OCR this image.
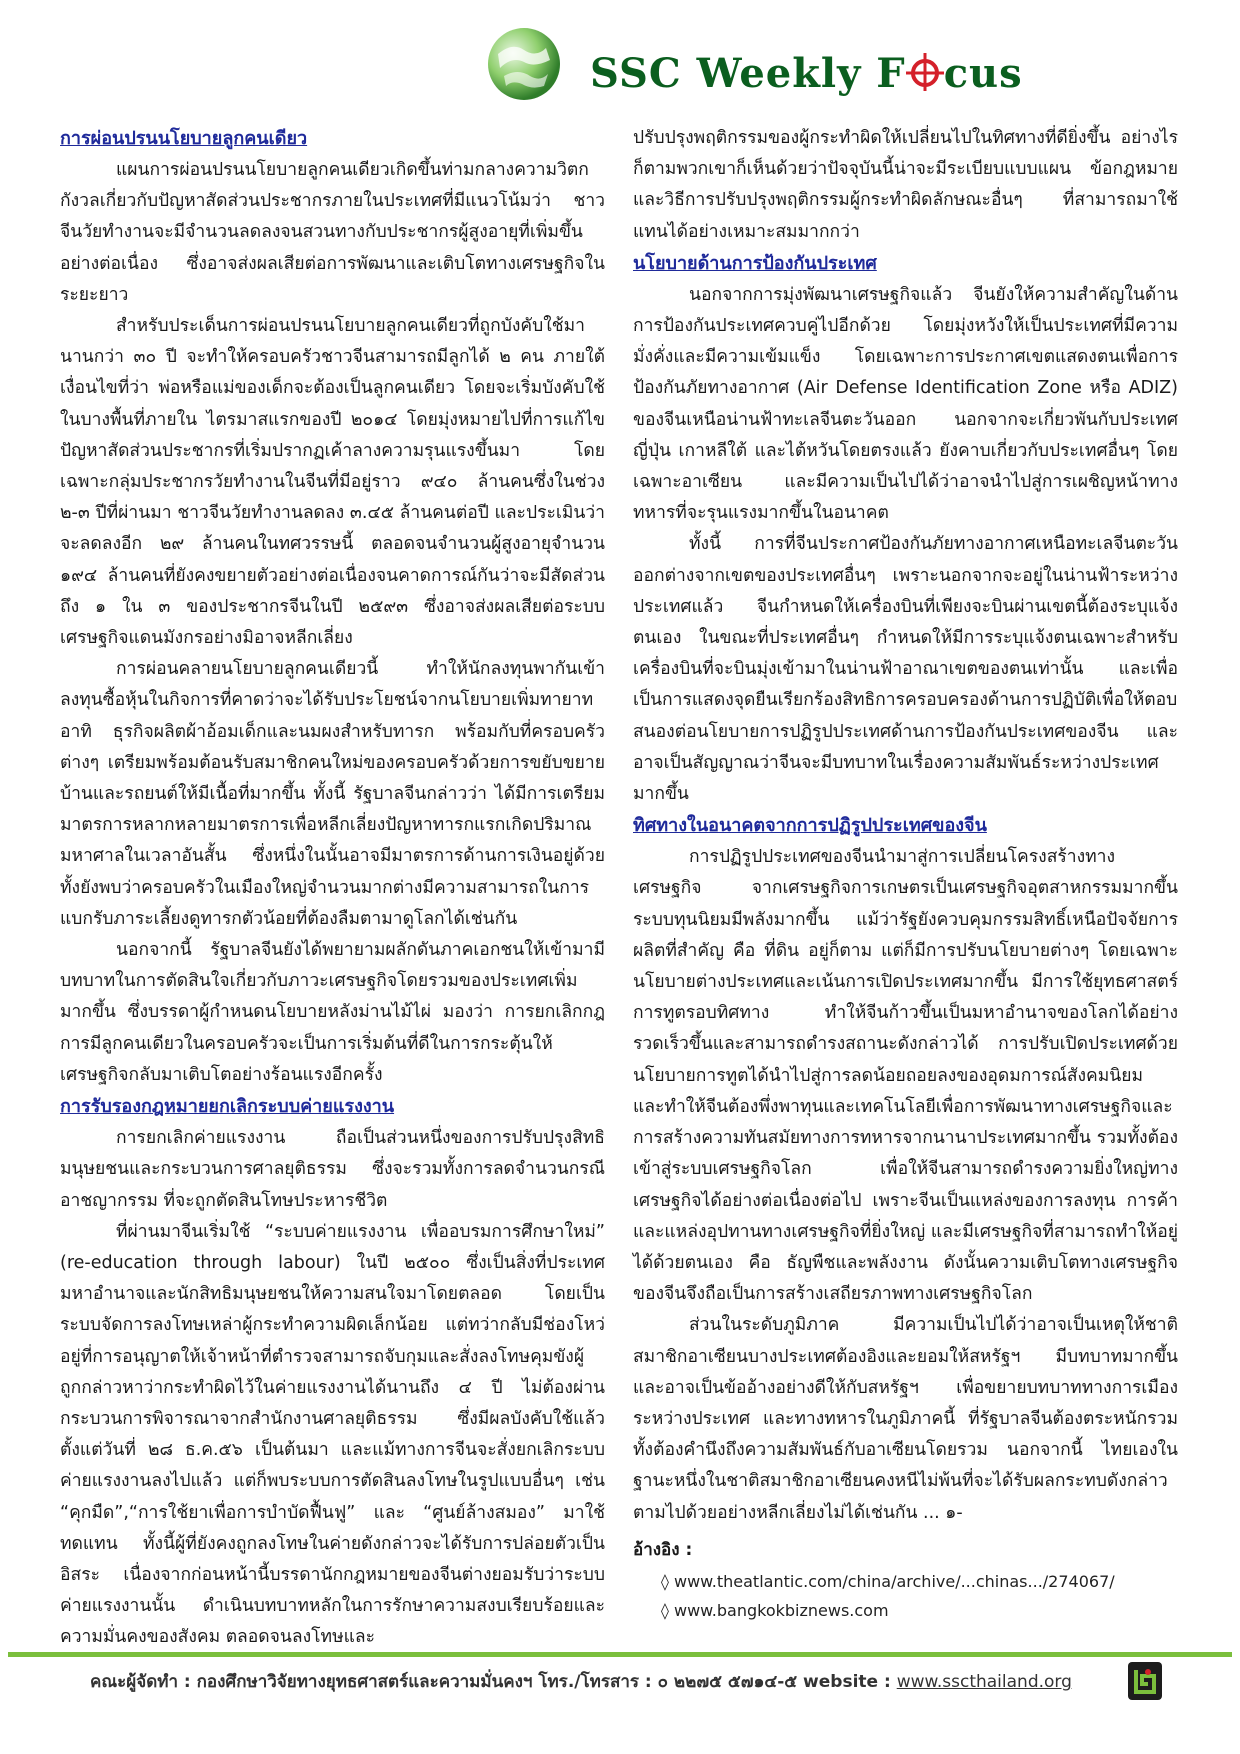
SSC Weekly F cus
การผ่อนปรนนโยบายลูกคนเดียว

แผนการผ่อนปรนนโยบายลูกคนเดียวเกิดขึ้นท่ามกลางความวิตกกังวลเกี่ยวกับปัญหาสัดส่วนประชากรภายในประเทศที่มีแนวโน้มว่า ชาวจีนวัยทำงานจะมีจำนวนลดลงจนสวนทางกับประชากรผู้สูงอายุที่เพิ่มขึ้นอย่างต่อเนื่อง ซึ่งอาจส่งผลเสียต่อการพัฒนาและเติบโตทางเศรษฐกิจในระยะยาว

สำหรับประเด็นการผ่อนปรนนโยบายลูกคนเดียวที่ถูกบังคับใช้มานานกว่า ๓๐ ปี จะทำให้ครอบครัวชาวจีนสามารถมีลูกได้ ๒ คน ภายใต้เงื่อนไขที่ว่า พ่อหรือแม่ของเด็กจะต้องเป็นลูกคนเดียว โดยจะเริ่มบังคับใช้ในบางพื้นที่ภายใน ไตรมาสแรกของปี ๒๐๑๔ โดยมุ่งหมายไปที่การแก้ไขปัญหาสัดส่วนประชากรที่เริ่มปรากฏเค้าลางความรุนแรงขึ้นมา โดยเฉพาะกลุ่มประชากรวัยทำงานในจีนที่มีอยู่ราว ๙๔๐ ล้านคนซึ่งในช่วง ๒-๓ ปีที่ผ่านมา ชาวจีนวัยทำงานลดลง ๓.๔๕ ล้านคนต่อปี และประเมินว่าจะลดลงอีก ๒๙ ล้านคนในทศวรรษนี้ ตลอดจนจำนวนผู้สูงอายุจำนวน ๑๙๔ ล้านคนที่ยังคงขยายตัวอย่างต่อเนื่องจนคาดการณ์กันว่าจะมีสัดส่วนถึง ๑ ใน ๓ ของประชากรจีนในปี ๒๕๙๓ ซึ่งอาจส่งผลเสียต่อระบบเศรษฐกิจแดนมังกรอย่างมิอาจหลีกเลี่ยง

การผ่อนคลายนโยบายลูกคนเดียวนี้ ทำให้นักลงทุนพากันเข้าลงทุนซื้อหุ้นในกิจการที่คาดว่าจะได้รับประโยชน์จากนโยบายเพิ่มทายาท อาทิ ธุรกิจผลิตผ้าอ้อมเด็กและนมผงสำหรับทารก พร้อมกับที่ครอบครัวต่างๆ เตรียมพร้อมต้อนรับสมาชิกคนใหม่ของครอบครัวด้วยการขยับขยายบ้านและรถยนต์ให้มีเนื้อที่มากขึ้น ทั้งนี้ รัฐบาลจีนกล่าวว่า ได้มีการเตรียมมาตรการหลากหลายมาตรการเพื่อหลีกเลี่ยงปัญหาทารกแรกเกิดปริมาณมหาศาลในเวลาอันสั้น ซึ่งหนึ่งในนั้นอาจมีมาตรการด้านการเงินอยู่ด้วย ทั้งยังพบว่าครอบครัวในเมืองใหญ่จำนวนมากต่างมีความสามารถในการแบกรับภาระเลี้ยงดูทารกตัวน้อยที่ต้องลืมตามาดูโลกได้เช่นกัน

นอกจากนี้ รัฐบาลจีนยังได้พยายามผลักดันภาคเอกชนให้เข้ามามีบทบาทในการตัดสินใจเกี่ยวกับภาวะเศรษฐกิจโดยรวมของประเทศเพิ่มมากขึ้น ซึ่งบรรดาผู้กำหนดนโยบายหลังม่านไม้ไผ่ มองว่า การยกเลิกกฎการมีลูกคนเดียวในครอบครัวจะเป็นการเริ่มต้นที่ดีในการกระตุ้นให้เศรษฐกิจกลับมาเติบโตอย่างร้อนแรงอีกครั้ง

การรับรองกฎหมายยกเลิกระบบค่ายแรงงาน

การยกเลิกค่ายแรงงาน ถือเป็นส่วนหนึ่งของการปรับปรุงสิทธิมนุษยชนและกระบวนการศาลยุติธรรม ซึ่งจะรวมทั้งการลดจำนวนกรณีอาชญากรรม ที่จะถูกตัดสินโทษประหารชีวิต

ที่ผ่านมาจีนเริ่มใช้ “ระบบค่ายแรงงาน เพื่ออบรมการศึกษาใหม่” (re-education through labour) ในปี ๒๕๐๐ ซึ่งเป็นสิ่งที่ประเทศมหาอำนาจและนักสิทธิมนุษยชนให้ความสนใจมาโดยตลอด โดยเป็นระบบจัดการลงโทษเหล่าผู้กระทำความผิดเล็กน้อย แต่ทว่ากลับมีช่องโหว่อยู่ที่การอนุญาตให้เจ้าหน้าที่ตำรวจสามารถจับกุมและสั่งลงโทษคุมขังผู้ถูกกล่าวหาว่ากระทำผิดไว้ในค่ายแรงงานได้นานถึง ๔ ปี ไม่ต้องผ่านกระบวนการพิจารณาจากสำนักงานศาลยุติธรรม ซึ่งมีผลบังคับใช้แล้วตั้งแต่วันที่ ๒๘ ธ.ค.๕๖ เป็นต้นมา และแม้ทางการจีนจะสั่งยกเลิกระบบค่ายแรงงานลงไปแล้ว แต่ก็พบระบบการตัดสินลงโทษในรูปแบบอื่นๆ เช่น “คุกมืด”,“การใช้ยาเพื่อการบำบัดฟื้นฟู” และ “ศูนย์ล้างสมอง” มาใช้ทดแทน ทั้งนี้ผู้ที่ยังคงถูกลงโทษในค่ายดังกล่าวจะได้รับการปล่อยตัวเป็นอิสระ เนื่องจากก่อนหน้านี้บรรดานักกฎหมายของจีนต่างยอมรับว่าระบบค่ายแรงงานนั้น ดำเนินบทบาทหลักในการรักษาความสงบเรียบร้อยและความมั่นคงของสังคม ตลอดจนลงโทษและ

ปรับปรุงพฤติกรรมของผู้กระทำผิดให้เปลี่ยนไปในทิศทางที่ดียิ่งขึ้น อย่างไรก็ตามพวกเขาก็เห็นด้วยว่าปัจจุบันนี้น่าจะมีระเบียบแบบแผน ข้อกฎหมาย และวิธีการปรับปรุงพฤติกรรมผู้กระทำผิดลักษณะอื่นๆ ที่สามารถมาใช้แทนได้อย่างเหมาะสมมากกว่า

นโยบายด้านการป้องกันประเทศ

นอกจากการมุ่งพัฒนาเศรษฐกิจแล้ว จีนยังให้ความสำคัญในด้านการป้องกันประเทศควบคู่ไปอีกด้วย โดยมุ่งหวังให้เป็นประเทศที่มีความมั่งคั่งและมีความเข้มแข็ง โดยเฉพาะการประกาศเขตแสดงตนเพื่อการป้องกันภัยทางอากาศ (Air Defense Identification Zone หรือ ADIZ) ของจีนเหนือน่านฟ้าทะเลจีนตะวันออก นอกจากจะเกี่ยวพันกับประเทศญี่ปุ่น เกาหลีใต้ และไต้หวันโดยตรงแล้ว ยังคาบเกี่ยวกับประเทศอื่นๆ โดยเฉพาะอาเซียน และมีความเป็นไปได้ว่าอาจนำไปสู่การเผชิญหน้าทางทหารที่จะรุนแรงมากขึ้นในอนาคต

ทั้งนี้ การที่จีนประกาศป้องกันภัยทางอากาศเหนือทะเลจีนตะวันออกต่างจากเขตของประเทศอื่นๆ เพราะนอกจากจะอยู่ในน่านฟ้าระหว่างประเทศแล้ว จีนกำหนดให้เครื่องบินที่เพียงจะบินผ่านเขตนี้ต้องระบุแจ้งตนเอง ในขณะที่ประเทศอื่นๆ กำหนดให้มีการระบุแจ้งตนเฉพาะสำหรับเครื่องบินที่จะบินมุ่งเข้ามาในน่านฟ้าอาณาเขตของตนเท่านั้น และเพื่อเป็นการแสดงจุดยืนเรียกร้องสิทธิการครอบครองด้านการปฏิบัติเพื่อให้ตอบสนองต่อนโยบายการปฏิรูปประเทศด้านการป้องกันประเทศของจีน และอาจเป็นสัญญาณว่าจีนจะมีบทบาทในเรื่องความสัมพันธ์ระหว่างประเทศมากขึ้น

ทิศทางในอนาคตจากการปฏิรูปประเทศของจีน

การปฏิรูปประเทศของจีนนำมาสู่การเปลี่ยนโครงสร้างทางเศรษฐกิจ จากเศรษฐกิจการเกษตรเป็นเศรษฐกิจอุตสาหกรรมมากขึ้น ระบบทุนนิยมมีพลังมากขึ้น แม้ว่ารัฐยังควบคุมกรรมสิทธิ์เหนือปัจจัยการผลิตที่สำคัญ คือ ที่ดิน อยู่ก็ตาม แต่ก็มีการปรับนโยบายต่างๆ โดยเฉพาะนโยบายต่างประเทศและเน้นการเปิดประเทศมากขึ้น มีการใช้ยุทธศาสตร์การทูตรอบทิศทาง ทำให้จีนก้าวขึ้นเป็นมหาอำนาจของโลกได้อย่างรวดเร็วขึ้นและสามารถดำรงสถานะดังกล่าวได้ การปรับเปิดประเทศด้วยนโยบายการทูตได้นำไปสู่การลดน้อยถอยลงของอุดมการณ์สังคมนิยม และทำให้จีนต้องพึ่งพาทุนและเทคโนโลยีเพื่อการพัฒนาทางเศรษฐกิจและการสร้างความทันสมัยทางการทหารจากนานาประเทศมากขึ้น รวมทั้งต้องเข้าสู่ระบบเศรษฐกิจโลก เพื่อให้จีนสามารถดำรงความยิ่งใหญ่ทางเศรษฐกิจได้อย่างต่อเนื่องต่อไป เพราะจีนเป็นแหล่งของการลงทุน การค้า และแหล่งอุปทานทางเศรษฐกิจที่ยิ่งใหญ่ และมีเศรษฐกิจที่สามารถทำให้อยู่ได้ด้วยตนเอง คือ ธัญพืชและพลังงาน ดังนั้นความเติบโตทางเศรษฐกิจของจีนจึงถือเป็นการสร้างเสถียรภาพทางเศรษฐกิจโลก

ส่วนในระดับภูมิภาค มีความเป็นไปได้ว่าอาจเป็นเหตุให้ชาติสมาชิกอาเซียนบางประเทศต้องอิงและยอมให้สหรัฐฯ มีบทบาทมากขึ้นและอาจเป็นข้ออ้างอย่างดีให้กับสหรัฐฯ เพื่อขยายบทบาททางการเมืองระหว่างประเทศ และทางทหารในภูมิภาคนี้ ที่รัฐบาลจีนต้องตระหนักรวมทั้งต้องคำนึงถึงความสัมพันธ์กับอาเซียนโดยรวม นอกจากนี้ ไทยเองในฐานะหนึ่งในชาติสมาชิกอาเซียนคงหนีไม่พ้นที่จะได้รับผลกระทบดังกล่าวตามไปด้วยอย่างหลีกเลี่ยงไม่ได้เช่นกัน ... ๑-

อ้างอิง :
◊ www.theatlantic.com/china/archive/...chinas.../274067/
◊ www.bangkokbiznews.com
คณะผู้จัดทำ : กองศึกษาวิจัยทางยุทธศาสตร์และความมั่นคงฯ โทร./โทรสาร : ๐ ๒๒๗๕ ๕๗๑๔-๕ website : www.sscthailand.org
